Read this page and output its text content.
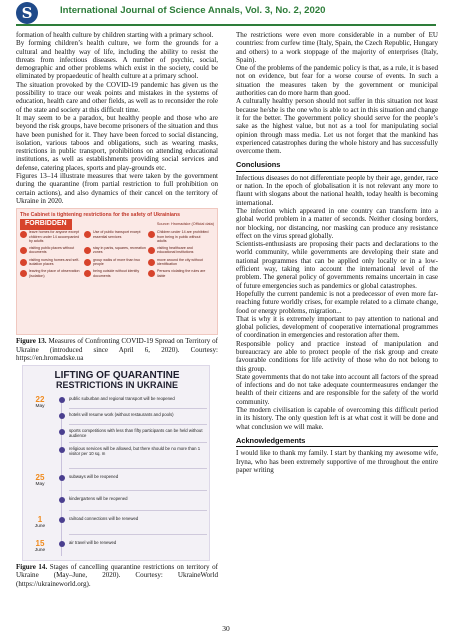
S	International Journal of Science Annals, Vol. 3, No. 2, 2020

formation of health culture by children starting with a primary school.

By forming children’s health culture, we form the grounds for a cultural and healthy way of life, including the ability to resist the threats from infectious diseases. A number of psychic, social, demographic and other problems which exist in the society, could be eliminated by propaedeutic of health culture at a primary school.

The situation provoked by the COVID-19 pandemic has given us the possibility to trace our weak points and mistakes in the systems of education, health care and other fields, as well as to reconsider the role of the state and society at this difficult time.

It may seem to be a paradox, but healthy people and those who are beyond the risk groups, have become prisoners of the situation and thus have been punished for it. They have been forced to social distancing, isolation, various taboos and obligations, such as wearing masks, restrictions in public transport, prohibitions on attending educational institutions, as well as establishments providing social services and defense, catering places, sports and play-grounds etc.

Figures 13–14 illustrate measures that were taken by the government during the quarantine (from partial restriction to full prohibition on certain actions), and also dynamics of their cancel on the territory of Ukraine in 2020.

The Cabinet is tightening restrictions for the safety of Ukrainians
FORBIDDEN	Source: Hromadske (Official data)
leave homes for anyone except children under 14 accompanied by adults
Use of public transport except essential services
Children under 14 are prohibited from being in public without adults
visiting public places without documents
stay in parks, squares, recreation zones
visiting healthcare and educational institutions
visiting nursing homes and self-isolation places
group walks of more than two people
move around the city without identification
leaving the place of observation (isolation)
being outside without identity documents
Persons violating the rules are liable

Figure 13. Measures of Confronting COVID-19 Spread on Territory of Ukraine (introduced since April 6, 2020). Courtesy: https://en.hromadske.ua

LIFTING OF QUARANTINE
RESTRICTIONS IN UKRAINE
22
May
public suburban and regional transport will be reopened
hotels will resume work (without restaurants and pools)
sports competitions with less than fifty participants can be held without audience
religious services will be allowed, but there should be no more than 1 visitor per 10 sq. m
25
May
subways will be reopened
kindergartens will be reopened
1
June
railroad connections will be renewed
15
June
air travel will be renewed

Figure 14. Stages of cancelling quarantine restrictions on territory of Ukraine (May–June, 2020). Courtesy: UkraineWorld (https://ukraineworld.org).

The restrictions were even more considerable in a number of EU countries: from curfew time (Italy, Spain, the Czech Republic, Hungary and others) to a work stoppage of the majority of enterprises (Italy, Spain).

One of the problems of the pandemic policy is that, as a rule, it is based not on evidence, but fear for a worse course of events. In such a situation the measures taken by the government or municipal authorities can do more harm than good.

A culturally healthy person should not suffer in this situation not least because he/she is the one who is able to act in this situation and change it for the better. The government policy should serve for the people’s sake as the highest value, but not as a tool for manipulating social opinion through mass media. Let us not forget that the mankind has experienced catastrophes during the whole history and has successfully overcome them.

Conclusions

Infectious diseases do not differentiate people by their age, gender, race or nation. In the epoch of globalisation it is not relevant any more to flaunt with slogans about the national health, today health is becoming international.

The infection which appeared in one country can transform into a global world problem in a matter of seconds. Neither closing borders, nor blocking, nor distancing, nor masking can produce any resistance effect on the virus spread globally.

Scientists-enthusiasts are proposing their pacts and declarations to the world community, while governments are developing their state and national programmes that can be applied only locally or in a low-efficient way, taking into account the international level of the problem. The general policy of governments remains uncertain in case of future emergencies such as pandemics or global catastrophes.

Hopefully the current pandemic is not a predecessor of even more far-reaching future worldly crises, for example related to a climate change, food or energy problems, migration...

That is why it is extremely important to pay attention to national and global policies, development of cooperative international programmes of coordination in emergencies and restoration after them.

Responsible policy and practice instead of manipulation and bureaucracy are able to protect people of the risk group and create favourable conditions for life activity of those who do not belong to this group.

State governments that do not take into account all factors of the spread of infections and do not take adequate countermeasures endanger the health of their citizens and are responsible for the safety of the world community.

The modern civilisation is capable of overcoming this difficult period in its history. The only question left is at what cost it will be done and what conclusion we will make.

Acknowledgements

I would like to thank my family. I start by thanking my awesome wife, Iryna, who has been extremely supportive of me throughout the entire paper writing

30
